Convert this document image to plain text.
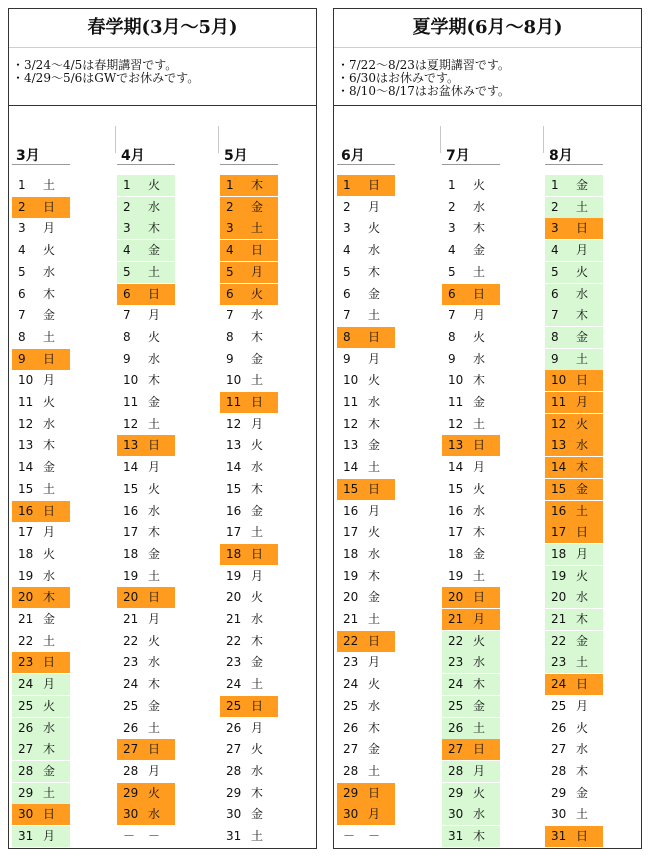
春学期(3月～5月)
・3/24～4/5は春期講習です。
・4/29～5/6はGWでお休みです。
3月
1	土
2	日
3	月
4	火
5	水
6	木
7	金
8	土
9	日
10 月
11 火
12 水
13 木
14 金
15 土
16 日
17 月
18 火
19 水
20 木
21 金
22 土
23 日
24 月
25 火
26 水
27 木
28 金
29 土
30 日
31 月
4月
1	火
2	水
3	木
4	金
5	土
6	日
7	月
8	火
9	水
10 木
11 金
12 土
13 日
14 月
15 火
16 水
17 木
18 金
19 土
20 日
21 月
22 火
23 水
24 木
25 金
26 土
27 日
28 月
29 火
30 水
－	－
5月
1	木
2	金
3	土
4	日
5	月
6	火
7	水
8	木
9	金
10 土
11 日
12 月
13 火
14 水
15 木
16 金
17 土
18 日
19 月
20 火
21 水
22 木
23 金
24 土
25 日
26 月
27 火
28 水
29 木
30 金
31 土
夏学期(6月～8月)
・7/22～8/23は夏期講習です。
・6/30はお休みです。
・8/10～8/17はお盆休みです。
6月
1	日
2	月
3	火
4	水
5	木
6	金
7	土
8	日
9	月
10 火
11 水
12 木
13 金
14 土
15 日
16 月
17 火
18 水
19 木
20 金
21 土
22 日
23 月
24 火
25 水
26 木
27 金
28 土
29 日
30 月
－	－
7月
1	火
2	水
3	木
4	金
5	土
6	日
7	月
8	火
9	水
10 木
11 金
12 土
13 日
14 月
15 火
16 水
17 木
18 金
19 土
20 日
21 月
22 火
23 水
24 木
25 金
26 土
27 日
28 月
29 火
30 水
31 木
8月
1	金
2	土
3	日
4	月
5	火
6	水
7	木
8	金
9	土
10 日
11 月
12 火
13 水
14 木
15 金
16 土
17 日
18 月
19 火
20 水
21 木
22 金
23 土
24 日
25 月
26 火
27 水
28 木
29 金
30 土
31 日
